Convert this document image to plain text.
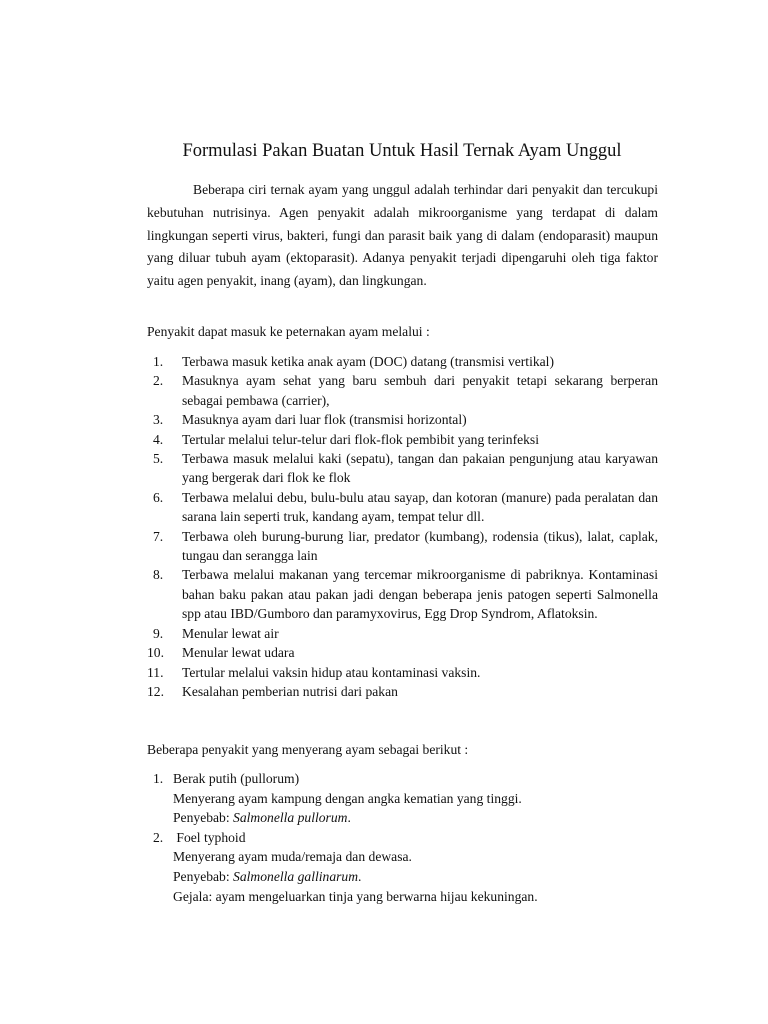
Formulasi Pakan Buatan Untuk Hasil Ternak Ayam Unggul

Beberapa ciri ternak ayam yang unggul adalah terhindar dari penyakit dan tercukupi kebutuhan nutrisinya. Agen penyakit adalah mikroorganisme yang terdapat di dalam lingkungan seperti virus, bakteri, fungi dan parasit baik yang di dalam (endoparasit) maupun yang diluar tubuh ayam (ektoparasit). Adanya penyakit terjadi dipengaruhi oleh tiga faktor yaitu agen penyakit, inang (ayam), dan lingkungan.

Penyakit dapat masuk ke peternakan ayam melalui :

1. Terbawa masuk ketika anak ayam (DOC) datang (transmisi vertikal)
2. Masuknya ayam sehat yang baru sembuh dari penyakit tetapi sekarang berperan sebagai pembawa (carrier),
3. Masuknya ayam dari luar flok (transmisi horizontal)
4. Tertular melalui telur-telur dari flok-flok pembibit yang terinfeksi
5. Terbawa masuk melalui kaki (sepatu), tangan dan pakaian pengunjung atau karyawan yang bergerak dari flok ke flok
6. Terbawa melalui debu, bulu-bulu atau sayap, dan kotoran (manure) pada peralatan dan sarana lain seperti truk, kandang ayam, tempat telur dll.
7. Terbawa oleh burung-burung liar, predator (kumbang), rodensia (tikus), lalat, caplak, tungau dan serangga lain
8. Terbawa melalui makanan yang tercemar mikroorganisme di pabriknya. Kontaminasi bahan baku pakan atau pakan jadi dengan beberapa jenis patogen seperti Salmonella spp atau IBD/Gumboro dan paramyxovirus, Egg Drop Syndrom, Aflatoksin.
9. Menular lewat air
10. Menular lewat udara
11. Tertular melalui vaksin hidup atau kontaminasi vaksin.
12. Kesalahan pemberian nutrisi dari pakan

Beberapa penyakit yang menyerang ayam sebagai berikut :

1. Berak putih (pullorum)
Menyerang ayam kampung dengan angka kematian yang tinggi.
Penyebab: Salmonella pullorum.
2. Foel typhoid
Menyerang ayam muda/remaja dan dewasa.
Penyebab: Salmonella gallinarum.
Gejala: ayam mengeluarkan tinja yang berwarna hijau kekuningan.
